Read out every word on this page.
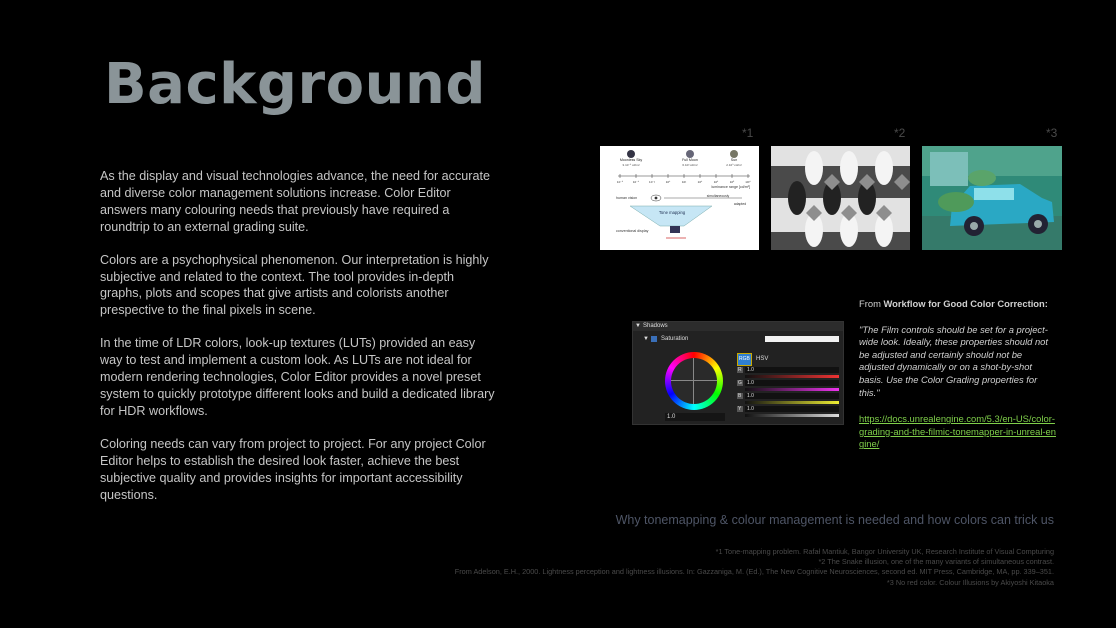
Background

As the display and visual technologies advance, the need for accurate and diverse color management solutions increase. Color Editor answers many colouring needs that previously have required a roundtrip to an external grading suite.

Colors are a psychophysical phenomenon. Our interpretation is highly subjective and related to the context. The tool provides in-depth graphs, plots and scopes that give artists and colorists another prespective to the final pixels in scene.

In the time of LDR colors, look-up textures (LUTs) provided an easy way to test and implement a custom look. As LUTs are not ideal for modern rendering technologies, Color Editor provides a novel preset system to quickly prototype different looks and build a dedicated library for HDR workflows.

Coloring needs can vary from project to project. For any project Color Editor helps to establish the desired look faster, achieve the best subjective quality and provides insights for important accessibility questions.

*1	*2	*3
Moonless Sky	Full Moon	Sun
3·10⁻⁵ cd/m²	6·10³ cd/m²	2·10⁹ cd/m²
10⁻⁶	10⁻⁴	10⁻²	10⁰	10²	10⁴	10⁶	10⁸	10¹⁰
luminance range [cd/m²]
human vision	simultaneously
adapted
Tone mapping
conventional display
▼ Shadows
▼ Saturation
1.0
RGB HSV
R 1.0
G 1.0
B 1.0
Y 1.0
From Workflow for Good Color Correction:
"The Film controls should be set for a project-wide look. Ideally, these properties should not be adjusted and certainly should not be adjusted dynamically or on a shot-by-shot basis. Use the Color Grading properties for this."
https://docs.unrealengine.com/5.3/en-US/color-grading-and-the-filmic-tonemapper-in-unreal-engine/
Why tonemapping & colour management is needed and how colors can trick us
*1 Tone-mapping problem. Rafał Mantiuk, Bangor University UK, Research Institute of Visual Compturing
*2 The Snake illusion, one of the many variants of simultaneous contrast.
From Adelson, E.H., 2000. Lightness perception and lightness illusions. In: Gazzaniga, M. (Ed.), The New Cognitive Neurosciences, second ed. MIT Press, Cambridge, MA, pp. 339–351.
*3 No red color. Colour Illusions by Akiyoshi Kitaoka
